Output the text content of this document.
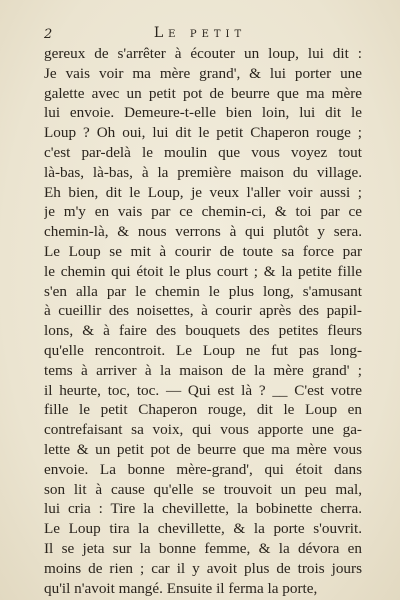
2	Le petit
gereux de s'arrêter à écouter un loup, lui dit :
Je vais voir ma mère grand', & lui porter une
galette avec un petit pot de beurre que ma mère
lui envoie. Demeure-t-elle bien loin, lui dit le
Loup ? Oh oui, lui dit le petit Chaperon rouge ;
c'est par-delà le moulin que vous voyez tout
là-bas, là-bas, à la première maison du village.
Eh bien, dit le Loup, je veux l'aller voir aussi ;
je m'y en vais par ce chemin-ci, & toi par ce
chemin-là, & nous verrons à qui plutôt y sera.
Le Loup se mit à courir de toute sa force par
le chemin qui étoit le plus court ; & la petite fille
s'en alla par le chemin le plus long, s'amusant
à cueillir des noisettes, à courir après des papil-
lons, & à faire des bouquets des petites fleurs
qu'elle rencontroit. Le Loup ne fut pas long-
tems à arriver à la maison de la mère grand' ;
il heurte, toc, toc. — Qui est là ? __ C'est votre
fille le petit Chaperon rouge, dit le Loup en
contrefaisant sa voix, qui vous apporte une ga-
lette & un petit pot de beurre que ma mère vous
envoie. La bonne mère-grand', qui étoit dans
son lit à cause qu'elle se trouvoit un peu mal,
lui cria : Tire la chevillette, la bobinette cherra.
Le Loup tira la chevillette, & la porte s'ouvrit.
Il se jeta sur la bonne femme, & la dévora en
moins de rien ; car il y avoit plus de trois jours
qu'il n'avoit mangé. Ensuite il ferma la porte,
